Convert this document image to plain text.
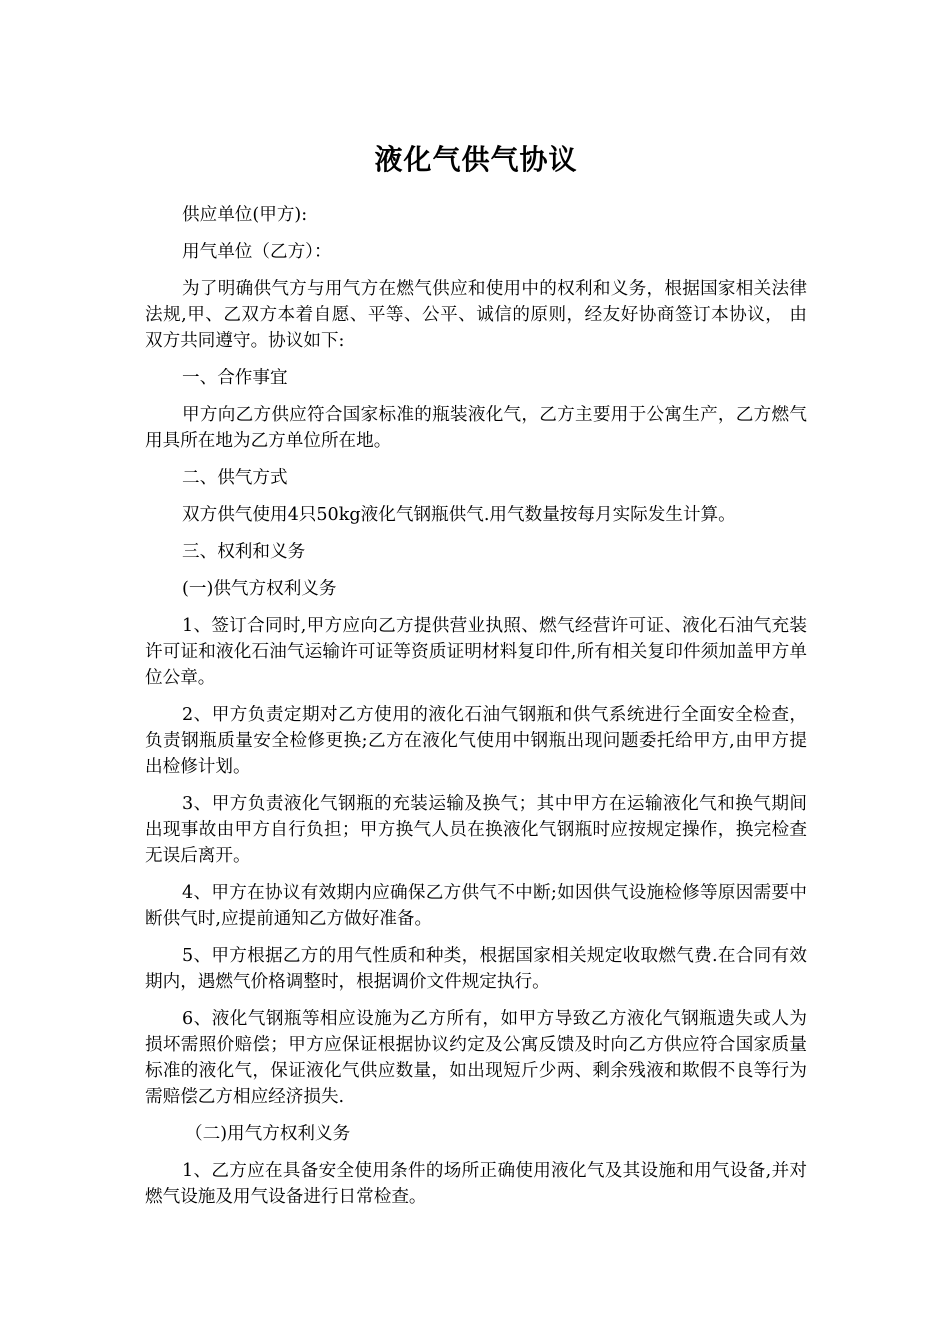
液化气供气协议

供应单位(甲方):

用气单位（乙方）：

为了明确供气方与用气方在燃气供应和使用中的权利和义务，根据国家相关法律法规,甲、乙双方本着自愿、平等、公平、诚信的原则，经友好协商签订本协议， 由双方共同遵守。协议如下:

一、合作事宜

甲方向乙方供应符合国家标准的瓶装液化气，乙方主要用于公寓生产，乙方燃气用具所在地为乙方单位所在地。

二、供气方式

双方供气使用4只50kg液化气钢瓶供气.用气数量按每月实际发生计算。

三、权利和义务

(一)供气方权利义务

1、签订合同时,甲方应向乙方提供营业执照、燃气经营许可证、液化石油气充装许可证和液化石油气运输许可证等资质证明材料复印件,所有相关复印件须加盖甲方单位公章。

2、甲方负责定期对乙方使用的液化石油气钢瓶和供气系统进行全面安全检查，负责钢瓶质量安全检修更换;乙方在液化气使用中钢瓶出现问题委托给甲方,由甲方提出检修计划。

3、甲方负责液化气钢瓶的充装运输及换气；其中甲方在运输液化气和换气期间出现事故由甲方自行负担；甲方换气人员在换液化气钢瓶时应按规定操作，换完检查无误后离开。

4、甲方在协议有效期内应确保乙方供气不中断;如因供气设施检修等原因需要中断供气时,应提前通知乙方做好准备。

5、甲方根据乙方的用气性质和种类，根据国家相关规定收取燃气费.在合同有效期内，遇燃气价格调整时，根据调价文件规定执行。

6、液化气钢瓶等相应设施为乙方所有，如甲方导致乙方液化气钢瓶遗失或人为损坏需照价赔偿；甲方应保证根据协议约定及公寓反馈及时向乙方供应符合国家质量标准的液化气，保证液化气供应数量，如出现短斤少两、剩余残液和欺假不良等行为需赔偿乙方相应经济损失.

（二)用气方权利义务

1、乙方应在具备安全使用条件的场所正确使用液化气及其设施和用气设备,并对燃气设施及用气设备进行日常检查。
